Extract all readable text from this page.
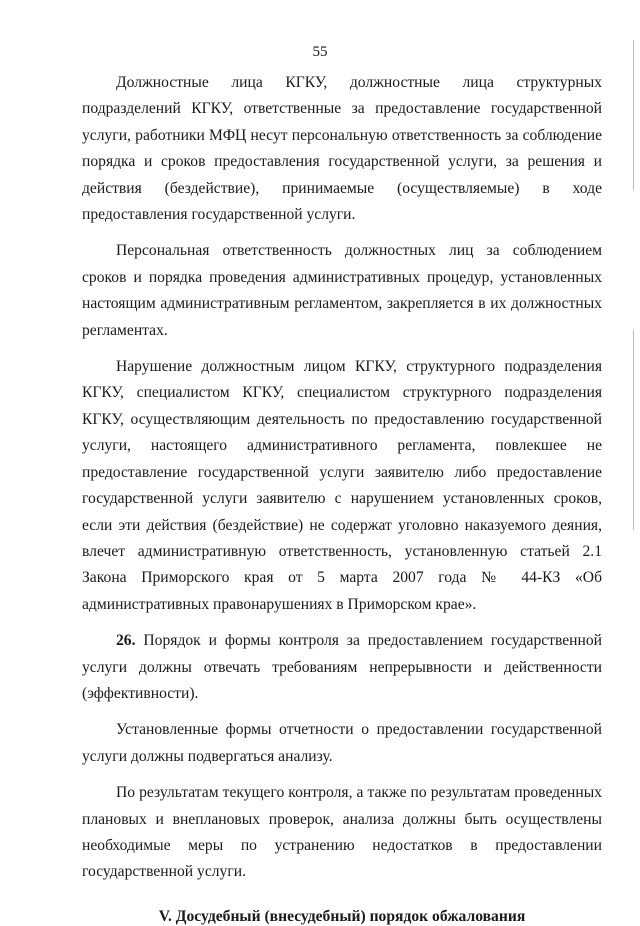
55

Должностные лица КГКУ, должностные лица структурных подразделений КГКУ, ответственные за предоставление государственной услуги, работники МФЦ несут персональную ответственность за соблюдение порядка и сроков предоставления государственной услуги, за решения и действия (бездействие), принимаемые (осуществляемые) в ходе предоставления государственной услуги.

Персональная ответственность должностных лиц за соблюдением сроков и порядка проведения административных процедур, установленных настоящим административным регламентом, закрепляется в их должностных регламентах.

Нарушение должностным лицом КГКУ, структурного подразделения КГКУ, специалистом КГКУ, специалистом структурного подразделения КГКУ, осуществляющим деятельность по предоставлению государственной услуги, настоящего административного регламента, повлекшее не предоставление государственной услуги заявителю либо предоставление государственной услуги заявителю с нарушением установленных сроков, если эти действия (бездействие) не содержат уголовно наказуемого деяния, влечет административную ответственность, установленную статьей 2.1 Закона Приморского края от 5 марта 2007 года № 44-КЗ «Об административных правонарушениях в Приморском крае».

26. Порядок и формы контроля за предоставлением государственной услуги должны отвечать требованиям непрерывности и действенности (эффективности).

Установленные формы отчетности о предоставлении государственной услуги должны подвергаться анализу.

По результатам текущего контроля, а также по результатам проведенных плановых и внеплановых проверок, анализа должны быть осуществлены необходимые меры по устранению недостатков в предоставлении государственной услуги.

V. Досудебный (внесудебный) порядок обжалования
